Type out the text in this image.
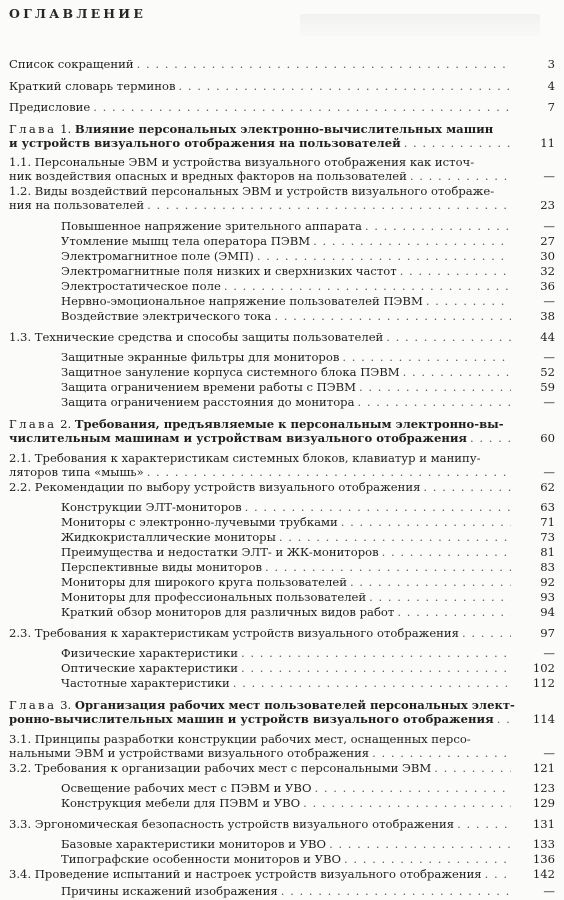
ОГЛАВЛЕНИЕ
Список сокращений . . .	3
Краткий словарь терминов . . .	4
Предисловие . . .	7
Глава 1. Влияние персональных электронно-вычислительных машин
и устройств визуального отображения на пользователей . . .	11
1.1. Персональные ЭВМ и устройства визуального отображения как источ-
ник воздействия опасных и вредных факторов на пользователей . . .	—
1.2. Виды воздействий персональных ЭВМ и устройств визуального отображе-
ния на пользователей . . .	23
Повышенное напряжение зрительного аппарата . . .	—
Утомление мышц тела оператора ПЭВМ . . .	27
Электромагнитное поле (ЭМП) . . .	30
Электромагнитные поля низких и сверхнизких частот . . .	32
Электростатическое поле . . .	36
Нервно-эмоциональное напряжение пользователей ПЭВМ . . .	—
Воздействие электрического тока . . .	38
1.3. Технические средства и способы защиты пользователей . . .	44
Защитные экранные фильтры для мониторов . . .	—
Защитное зануление корпуса системного блока ПЭВМ . . .	52
Защита ограничением времени работы с ПЭВМ . . .	59
Защита ограничением расстояния до монитора . . .	—
Глава 2. Требования, предъявляемые к персональным электронно-вы-
числительным машинам и устройствам визуального отображения . . .	60
2.1. Требования к характеристикам системных блоков, клавиатур и манипу-
ляторов типа «мышь» . . .	—
2.2. Рекомендации по выбору устройств визуального отображения . . .	62
Конструкции ЭЛТ-мониторов . . .	63
Мониторы с электронно-лучевыми трубками . . .	71
Жидкокристаллические мониторы . . .	73
Преимущества и недостатки ЭЛТ- и ЖК-мониторов . . .	81
Перспективные виды мониторов . . .	83
Мониторы для широкого круга пользователей . . .	92
Мониторы для профессиональных пользователей . . .	93
Краткий обзор мониторов для различных видов работ . . .	94
2.3. Требования к характеристикам устройств визуального отображения . . .	97
Физические характеристики . . .	—
Оптические характеристики . . .	102
Частотные характеристики . . .	112
Глава 3. Организация рабочих мест пользователей персональных элект-
ронно-вычислительных машин и устройств визуального отображения . . .	114
3.1. Принципы разработки конструкции рабочих мест, оснащенных персо-
нальными ЭВМ и устройствами визуального отображения . . .	—
3.2. Требования к организации рабочих мест с персональными ЭВМ . . .	121
Освещение рабочих мест с ПЭВМ и УВО . . .	123
Конструкция мебели для ПЭВМ и УВО . . .	129
3.3. Эргономическая безопасность устройств визуального отображения . . .	131
Базовые характеристики мониторов и УВО . . .	133
Типографские особенности мониторов и УВО . . .	136
3.4. Проведение испытаний и настроек устройств визуального отображения . . .	142
Причины искажений изображения . . .	—
